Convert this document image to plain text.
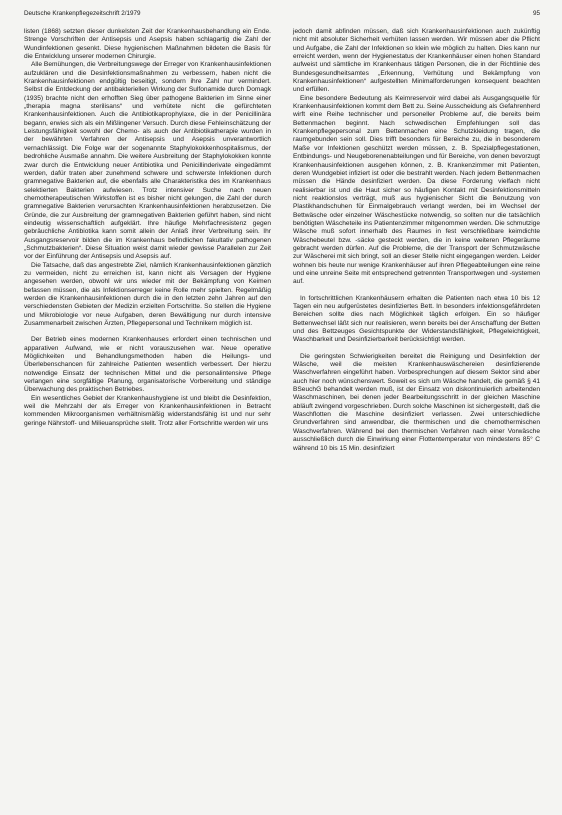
Deutsche Krankenpflegezeitschrift 2/1979	95

listen (1868) setzten dieser dunkelsten Zeit der Krankenhausbehandlung ein Ende. Strenge Vorschriften der Antisepsis und Asepsis haben schlagartig die Zahl der Wundinfektionen gesenkt. Diese hygienischen Maßnahmen bildeten die Basis für die Entwicklung unserer modernen Chirurgie.

Alle Bemühungen, die Verbreitungswege der Erreger von Krankenhausinfektionen aufzuklären und die Desinfektionsmaßnahmen zu verbessern, haben nicht die Krankenhausinfektionen endgültig beseitigt, sondern ihre Zahl nur vermindert. Selbst die Entdeckung der antibakteriellen Wirkung der Sulfonamide durch Domagk (1935) brachte nicht den erhofften Sieg über pathogene Bakterien im Sinne einer „therapia magna sterilisans“ und verhütete nicht die gefürchteten Krankenhausinfektionen. Auch die Antibiotikaprophylaxe, die in der Penicillinära begann, erwies sich als ein Mißlingener Versuch. Durch diese Fehleinschätzung der Leistungsfähigkeit sowohl der Chemo- als auch der Antibiotikatherapie wurden in der bewährten Verfahren der Antisepsis und Asepsis unverantwortlich vernachlässigt. Die Folge war der sogenannte Staphylokokkenhospitalismus, der bedrohliche Ausmaße annahm. Die weitere Ausbreitung der Staphylokokken konnte zwar durch die Entwicklung neuer Antibiotika und Penicillinderivate eingedämmt werden, dafür traten aber zunehmend schwere und schwerste Infektionen durch gramnegative Bakterien auf, die ebenfalls alle Charakteristika des im Krankenhaus selektierten Bakterien aufwiesen. Trotz intensiver Suche nach neuen chemotherapeutischen Wirkstoffen ist es bisher nicht gelungen, die Zahl der durch gramnegative Bakterien verursachten Krankenhausinfektionen herabzusetzen. Die Gründe, die zur Ausbreitung der gramnegativen Bakterien geführt haben, sind nicht eindeutig wissenschaftlich aufgeklärt. Ihre häufige Mehrfachresistenz gegen gebräuchliche Antibiotika kann somit allein der Anlaß ihrer Verbreitung sein. Ihr Ausgangsreservoir bilden die im Krankenhaus befindlichen fakultativ pathogenen „Schmutzbakterien“. Diese Situation weist damit wieder gewisse Parallelen zur Zeit vor der Einführung der Antisepsis und Asepsis auf.

Die Tatsache, daß das angestrebte Ziel, nämlich Krankenhausinfektionen gänzlich zu vermeiden, nicht zu erreichen ist, kann nicht als Versagen der Hygiene angesehen werden, obwohl wir uns wieder mit der Bekämpfung von Keimen befassen müssen, die als Infektionserreger keine Rolle mehr spielten. Regelmäßig werden die Krankenhausinfektionen durch die in den letzten zehn Jahren auf den verschiedensten Gebieten der Medizin erzielten Fortschritte. So stellen die Hygiene und Mikrobiologie vor neue Aufgaben, deren Bewältigung nur durch intensive Zusammenarbeit zwischen Ärzten, Pflegepersonal und Technikern möglich ist.

Der Betrieb eines modernen Krankenhauses erfordert einen technischen und apparativen Aufwand, wie er nicht vorauszusehen war. Neue operative Möglichkeiten und Behandlungsmethoden haben die Heilungs- und Überlebenschancen für zahlreiche Patienten wesentlich verbessert. Der hierzu notwendige Einsatz der technischen Mittel und die personalintensive Pflege verlangen eine sorgfältige Planung, organisatorische Vorbereitung und ständige Überwachung des praktischen Betriebes.

Ein wesentliches Gebiet der Krankenhaushygiene ist und bleibt die Desinfektion, weil die Mehrzahl der als Erreger von Krankenhausinfektionen in Betracht kommenden Mikroorganismen verhältnismäßig widerstandsfähig ist und nur sehr geringe Nährstoff- und Milieuansprüche stellt. Trotz aller Fortschritte werden wir uns

jedoch damit abfinden müssen, daß sich Krankenhausinfektionen auch zukünftig nicht mit absoluter Sicherheit verhüten lassen werden. Wir müssen aber die Pflicht und Aufgabe, die Zahl der Infektionen so klein wie möglich zu halten. Dies kann nur erreicht werden, wenn der Hygienestatus der Krankenhäuser einen hohen Standard aufweist und sämtliche im Krankenhaus tätigen Personen, die in der Richtlinie des Bundesgesundheitsamtes „Erkennung, Verhütung und Bekämpfung von Krankenhausinfektionen“ aufgestellten Minimalforderungen konsequent beachten und erfüllen.

Eine besondere Bedeutung als Keimreservoir wird dabei als Ausgangsquelle für Krankenhausinfektionen kommt dem Bett zu. Seine Ausscheidung als Gefahrenherd wirft eine Reihe technischer und personeller Probleme auf, die bereits beim Bettenmachen beginnt. Nach schwedischen Empfehlungen soll das Krankenpflegepersonal zum Bettenmachen eine Schutzkleidung tragen, die raumgebunden sein soll. Dies trifft besonders für Bereiche zu, die in besonderem Maße vor Infektionen geschützt werden müssen, z. B. Spezialpflegestationen, Entbindungs- und Neugeborenenabteilungen und für Bereiche, von denen bevorzugt Krankenhausinfektionen ausgehen können, z. B. Krankenzimmer mit Patienten, deren Wundgebiet infiziert ist oder die bestrahlt werden. Nach jedem Bettenmachen müssen die Hände desinfiziert werden. Da diese Forderung vielfach nicht realisierbar ist und die Haut sicher so häufigen Kontakt mit Desinfektionsmitteln nicht reaktionslos verträgt, muß aus hygienischer Sicht die Benutzung von Plastikhandschuhen für Einmalgebrauch verlangt werden, bei im Wechsel der Bettwäsche oder einzelner Wäschestücke notwendig, so sollten nur die tatsächlich benötigten Wäscheteile ins Patientenzimmer mitgenommen werden. Die schmutzige Wäsche muß sofort innerhalb des Raumes in fest verschließbare keimdichte Wäschebeutel bzw. -säcke gesteckt werden, die in keine weiteren Pflegeräume gebracht werden dürfen. Auf die Probleme, die der Transport der Schmutzwäsche zur Wäscherei mit sich bringt, soll an dieser Stelle nicht eingegangen werden. Leider wohnen bis heute nur wenige Krankenhäuser auf ihren Pflegeabteilungen eine reine und eine unreine Seite mit entsprechend getrennten Transportwegen und -systemen auf.

In fortschrittlichen Krankenhäusern erhalten die Patienten nach etwa 10 bis 12 Tagen ein neu aufgerüstetes desinfiziertes Bett. In besonders infektionsgefährdeten Bereichen sollte dies nach Möglichkeit täglich erfolgen. Ein so häufiger Bettenwechsel läßt sich nur realisieren, wenn bereits bei der Anschaffung der Betten und des Bettzeuges Gesichtspunkte der Widerstandsfähigkeit, Pflegeleichtigkeit, Waschbarkeit und Desinfizierbarkeit berücksichtigt werden.

Die geringsten Schwierigkeiten bereitet die Reinigung und Desinfektion der Wäsche, weil die meisten Krankenhauswäschereien desinfizierende Waschverfahren eingeführt haben. Vorbesprechungen auf diesem Sektor sind aber auch hier noch wünschenswert. Soweit es sich um Wäsche handelt, die gemäß § 41 BSeuchG behandelt werden muß, ist der Einsatz von diskontinuierlich arbeitenden Waschmaschinen, bei denen jeder Bearbeitungsschritt in der gleichen Maschine abläuft zwingend vorgeschrieben. Durch solche Maschinen ist sichergestellt, daß die Waschflotten die Maschine desinfiziert verlassen. Zwei unterschiedliche Grundverfahren sind anwendbar, die thermischen und die chemothermischen Waschverfahren. Während bei den thermischen Verfahren nach einer Vorwäsche ausschließlich durch die Einwirkung einer Flottentemperatur von mindestens 85° C während 10 bis 15 Min. desinfiziert
